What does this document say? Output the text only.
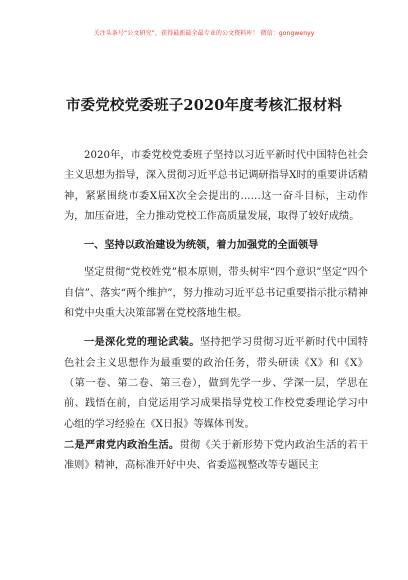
关注头条号“公文研究”，获得最新最全最专业的公文资料库！ 微信：gongwenyy
市委党校党委班子2020年度考核汇报材料

2020年，市委党校党委班子坚持以习近平新时代中国特色社会主义思想为指导，深入贯彻习近平总书记调研指导X时的重要讲话精神，紧紧围绕市委X届X次全会提出的……这一奋斗目标，主动作为，加压奋进，全力推动党校工作高质量发展，取得了较好成绩。

一、坚持以政治建设为统领，着力加强党的全面领导

坚定贯彻“党校姓党”根本原则，带头树牢“四个意识”坚定“四个自信”、落实“两个维护”，努力推动习近平总书记重要指示批示精神和党中央重大决策部署在党校落地生根。

一是深化党的理论武装。坚持把学习贯彻习近平新时代中国特色社会主义思想作为最重要的政治任务，带头研读《X》和《X》（第一卷、第二卷、第三卷），做到先学一步、学深一层，学思在前、践悟在前，自觉运用学习成果指导党校工作校党委理论学习中心组的学习经验在《X日报》等媒体刊发。

二是严肃党内政治生活。贯彻《关于新形势下党内政治生活的若干准则》精神，高标准开好中央、省委巡视整改等专题民主
